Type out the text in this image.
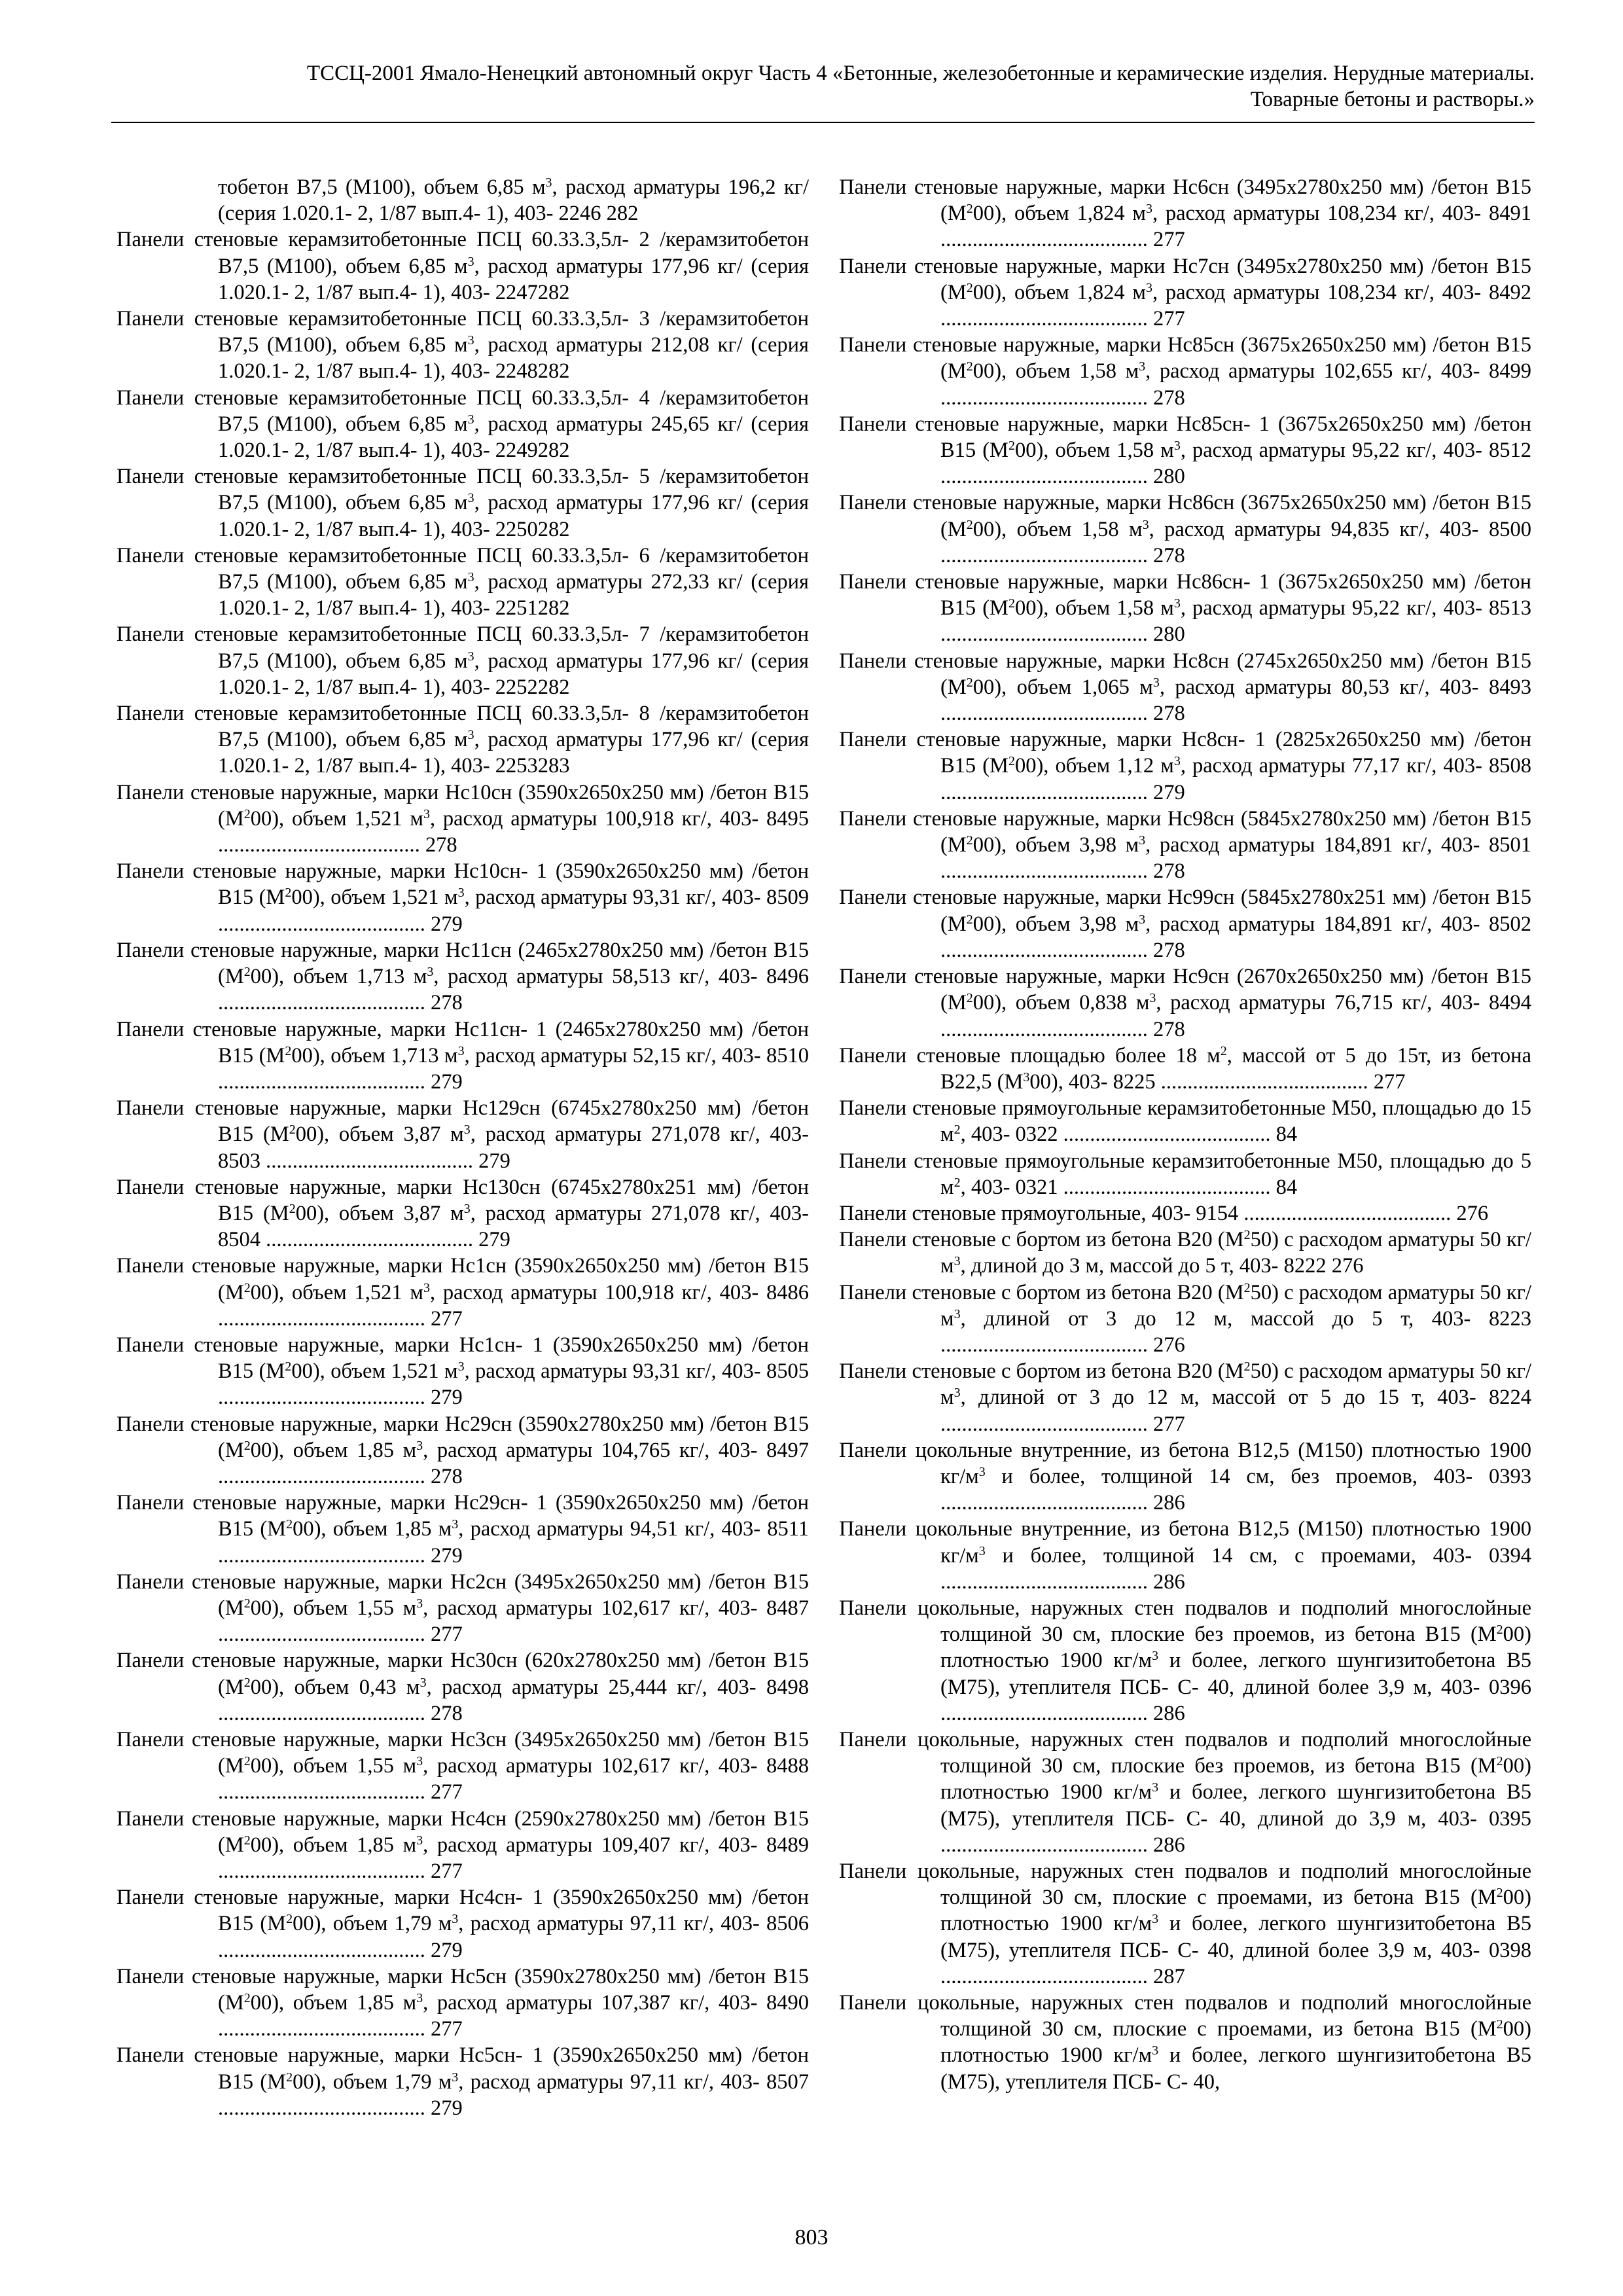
ТССЦ-2001 Ямало-Ненецкий автономный округ Часть 4 «Бетонные, железобетонные и керамические изделия. Нерудные материалы.
Товарные бетоны и растворы.»

тобетон В7,5 (М100), объем 6,85 $м^3$, расход арматуры 196,2 кг/ (серия 1.020.1- 2, 1/87 вып.4- 1), 403- 2246 282

Панели стеновые керамзитобетонные ПСЦ 60.33.3,5л- 2 /керамзитобетон В7,5 (М100), объем 6,85 $м^3$, расход арматуры 177,96 кг/ (серия 1.020.1- 2, 1/87 вып.4- 1), 403- 2247282

Панели стеновые керамзитобетонные ПСЦ 60.33.3,5л- 3 /керамзитобетон В7,5 (М100), объем 6,85 $м^3$, расход арматуры 212,08 кг/ (серия 1.020.1- 2, 1/87 вып.4- 1), 403- 2248282

Панели стеновые керамзитобетонные ПСЦ 60.33.3,5л- 4 /керамзитобетон В7,5 (М100), объем 6,85 $м^3$, расход арматуры 245,65 кг/ (серия 1.020.1- 2, 1/87 вып.4- 1), 403- 2249282

Панели стеновые керамзитобетонные ПСЦ 60.33.3,5л- 5 /керамзитобетон В7,5 (М100), объем 6,85 $м^3$, расход арматуры 177,96 кг/ (серия 1.020.1- 2, 1/87 вып.4- 1), 403- 2250282

Панели стеновые керамзитобетонные ПСЦ 60.33.3,5л- 6 /керамзитобетон В7,5 (М100), объем 6,85 $м^3$, расход арматуры 272,33 кг/ (серия 1.020.1- 2, 1/87 вып.4- 1), 403- 2251282

Панели стеновые керамзитобетонные ПСЦ 60.33.3,5л- 7 /керамзитобетон В7,5 (М100), объем 6,85 $м^3$, расход арматуры 177,96 кг/ (серия 1.020.1- 2, 1/87 вып.4- 1), 403- 2252282

Панели стеновые керамзитобетонные ПСЦ 60.33.3,5л- 8 /керамзитобетон В7,5 (М100), объем 6,85 $м^3$, расход арматуры 177,96 кг/ (серия 1.020.1- 2, 1/87 вып.4- 1), 403- 2253283

Панели стеновые наружные, марки Нс10сн (3590х2650х250 мм) /бетон В15 $(М^200)$, объем 1,521 $м^3$, расход арматуры 100,918 кг/, 403- 8495 ...................................... 278

Панели стеновые наружные, марки Нс10сн- 1 (3590х2650х250 мм) /бетон В15 $(М^200)$, объем 1,521 $м^3$, расход арматуры 93,31 кг/, 403- 8509 ....................................... 279

Панели стеновые наружные, марки Нс11сн (2465х2780х250 мм) /бетон В15 $(М^200)$, объем 1,713 $м^3$, расход арматуры 58,513 кг/, 403- 8496 ....................................... 278

Панели стеновые наружные, марки Нс11сн- 1 (2465х2780х250 мм) /бетон В15 $(М^200)$, объем 1,713 $м^3$, расход арматуры 52,15 кг/, 403- 8510 ....................................... 279

Панели стеновые наружные, марки Нс129сн (6745х2780х250 мм) /бетон В15 $(М^200)$, объем 3,87 $м^3$, расход арматуры 271,078 кг/, 403- 8503 ....................................... 279

Панели стеновые наружные, марки Нс130сн (6745х2780х251 мм) /бетон В15 $(М^200)$, объем 3,87 $м^3$, расход арматуры 271,078 кг/, 403- 8504 ....................................... 279

Панели стеновые наружные, марки Нс1сн (3590х2650х250 мм) /бетон В15 $(М^200)$, объем 1,521 $м^3$, расход арматуры 100,918 кг/, 403- 8486 ....................................... 277

Панели стеновые наружные, марки Нс1сн- 1 (3590х2650х250 мм) /бетон В15 $(М^200)$, объем 1,521 $м^3$, расход арматуры 93,31 кг/, 403- 8505 ....................................... 279

Панели стеновые наружные, марки Нс29сн (3590х2780х250 мм) /бетон В15 $(М^200)$, объем 1,85 $м^3$, расход арматуры 104,765 кг/, 403- 8497 ....................................... 278

Панели стеновые наружные, марки Нс29сн- 1 (3590х2650х250 мм) /бетон В15 $(М^200)$, объем 1,85 $м^3$, расход арматуры 94,51 кг/, 403- 8511 ....................................... 279

Панели стеновые наружные, марки Нс2сн (3495х2650х250 мм) /бетон В15 $(М^200)$, объем 1,55 $м^3$, расход арматуры 102,617 кг/, 403- 8487 ....................................... 277

Панели стеновые наружные, марки Нс30сн (620х2780х250 мм) /бетон В15 $(М^200)$, объем 0,43 $м^3$, расход арматуры 25,444 кг/, 403- 8498 ....................................... 278

Панели стеновые наружные, марки Нс3сн (3495х2650х250 мм) /бетон В15 $(М^200)$, объем 1,55 $м^3$, расход арматуры 102,617 кг/, 403- 8488 ....................................... 277

Панели стеновые наружные, марки Нс4сн (2590х2780х250 мм) /бетон В15 $(М^200)$, объем 1,85 $м^3$, расход арматуры 109,407 кг/, 403- 8489 ....................................... 277

Панели стеновые наружные, марки Нс4сн- 1 (3590х2650х250 мм) /бетон В15 $(М^200)$, объем 1,79 $м^3$, расход арматуры 97,11 кг/, 403- 8506 ....................................... 279

Панели стеновые наружные, марки Нс5сн (3590х2780х250 мм) /бетон В15 $(М^200)$, объем 1,85 $м^3$, расход арматуры 107,387 кг/, 403- 8490 ....................................... 277

Панели стеновые наружные, марки Нс5сн- 1 (3590х2650х250 мм) /бетон В15 $(М^200)$, объем 1,79 $м^3$, расход арматуры 97,11 кг/, 403- 8507 ....................................... 279

Панели стеновые наружные, марки Нс6сн (3495х2780х250 мм) /бетон В15 $(М^200)$, объем 1,824 $м^3$, расход арматуры 108,234 кг/, 403- 8491 ....................................... 277

Панели стеновые наружные, марки Нс7сн (3495х2780х250 мм) /бетон В15 $(М^200)$, объем 1,824 $м^3$, расход арматуры 108,234 кг/, 403- 8492 ....................................... 277

Панели стеновые наружные, марки Нс85сн (3675х2650х250 мм) /бетон В15 $(М^200)$, объем 1,58 $м^3$, расход арматуры 102,655 кг/, 403- 8499 ....................................... 278

Панели стеновые наружные, марки Нс85сн- 1 (3675х2650х250 мм) /бетон В15 $(М^200)$, объем 1,58 $м^3$, расход арматуры 95,22 кг/, 403- 8512 ....................................... 280

Панели стеновые наружные, марки Нс86сн (3675х2650х250 мм) /бетон В15 $(М^200)$, объем 1,58 $м^3$, расход арматуры 94,835 кг/, 403- 8500 ....................................... 278

Панели стеновые наружные, марки Нс86сн- 1 (3675х2650х250 мм) /бетон В15 $(М^200)$, объем 1,58 $м^3$, расход арматуры 95,22 кг/, 403- 8513 ....................................... 280

Панели стеновые наружные, марки Нс8сн (2745х2650х250 мм) /бетон В15 $(М^200)$, объем 1,065 $м^3$, расход арматуры 80,53 кг/, 403- 8493 ....................................... 278

Панели стеновые наружные, марки Нс8сн- 1 (2825х2650х250 мм) /бетон В15 $(М^200)$, объем 1,12 $м^3$, расход арматуры 77,17 кг/, 403- 8508 ....................................... 279

Панели стеновые наружные, марки Нс98сн (5845х2780х250 мм) /бетон В15 $(М^200)$, объем 3,98 $м^3$, расход арматуры 184,891 кг/, 403- 8501 ....................................... 278

Панели стеновые наружные, марки Нс99сн (5845х2780х251 мм) /бетон В15 $(М^200)$, объем 3,98 $м^3$, расход арматуры 184,891 кг/, 403- 8502 ....................................... 278

Панели стеновые наружные, марки Нс9сн (2670х2650х250 мм) /бетон В15 $(М^200)$, объем 0,838 $м^3$, расход арматуры 76,715 кг/, 403- 8494 ....................................... 278

Панели стеновые площадью более 18 $м^2$, массой от 5 до 15т, из бетона В22,5 $(М^300)$, 403- 8225 ....................................... 277

Панели стеновые прямоугольные керамзитобетонные М50, площадью до 15 $м^2$, 403- 0322 ....................................... 84

Панели стеновые прямоугольные керамзитобетонные М50, площадью до 5 $м^2$, 403- 0321 ....................................... 84

Панели стеновые прямоугольные, 403- 9154 ....................................... 276

Панели стеновые с бортом из бетона В20 $(М^250)$ с расходом арматуры 50 $кг/м^3$, длиной до 3 м, массой до 5 т, 403- 8222 276

Панели стеновые с бортом из бетона В20 $(М^250)$ с расходом арматуры 50 $кг/м^3$, длиной от 3 до 12 м, массой до 5 т, 403- 8223 ....................................... 276

Панели стеновые с бортом из бетона В20 $(М^250)$ с расходом арматуры 50 $кг/м^3$, длиной от 3 до 12 м, массой от 5 до 15 т, 403- 8224 ....................................... 277

Панели цокольные внутренние, из бетона В12,5 (М150) плотностью 1900 $кг/м^3$ и более, толщиной 14 см, без проемов, 403- 0393 ....................................... 286

Панели цокольные внутренние, из бетона В12,5 (М150) плотностью 1900 $кг/м^3$ и более, толщиной 14 см, с проемами, 403- 0394 ....................................... 286

Панели цокольные, наружных стен подвалов и подполий многослойные толщиной 30 см, плоские без проемов, из бетона В15 $(М^200)$ плотностью 1900 $кг/м^3$ и более, легкого шунгизитобетона В5 (М75), утеплителя ПСБ- С- 40, длиной более 3,9 м, 403- 0396 ....................................... 286

Панели цокольные, наружных стен подвалов и подполий многослойные толщиной 30 см, плоские без проемов, из бетона В15 $(М^200)$ плотностью 1900 $кг/м^3$ и более, легкого шунгизитобетона В5 (М75), утеплителя ПСБ- С- 40, длиной до 3,9 м, 403- 0395 ....................................... 286

Панели цокольные, наружных стен подвалов и подполий многослойные толщиной 30 см, плоские с проемами, из бетона В15 $(М^200)$ плотностью 1900 $кг/м^3$ и более, легкого шунгизитобетона В5 (М75), утеплителя ПСБ- С- 40, длиной более 3,9 м, 403- 0398 ....................................... 287

Панели цокольные, наружных стен подвалов и подполий многослойные толщиной 30 см, плоские с проемами, из бетона В15 $(М^200)$ плотностью 1900 $кг/м^3$ и более, легкого шунгизитобетона В5 (М75), утеплителя ПСБ- С- 40,

803
